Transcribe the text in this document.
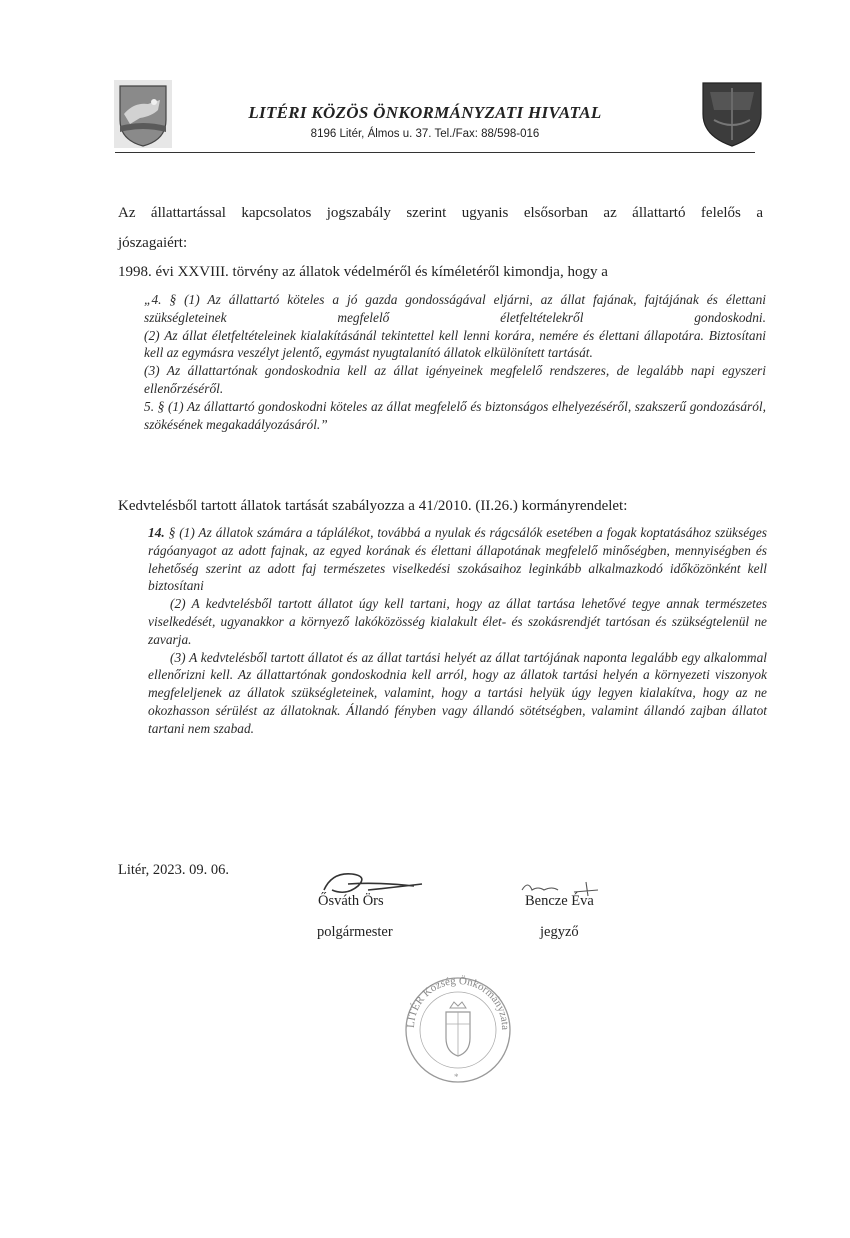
LITÉRI KÖZÖS ÖNKORMÁNYZATI HIVATAL
8196 Litér, Álmos u. 37. Tel./Fax: 88/598-016
Az állattartással kapcsolatos jogszabály szerint ugyanis elsősorban az állattartó felelős a
jószagaiért:
1998. évi XXVIII. törvény az állatok védelméről és kíméletéről kimondja, hogy a
„4. § (1) Az állattartó köteles a jó gazda gondosságával eljárni, az állat fajának, fajtájának és élettani szükségleteinek megfelelő életfeltételekről gondoskodni.
(2) Az állat életfeltételeinek kialakításánál tekintettel kell lenni korára, nemére és élettani állapotára. Biztosítani kell az egymásra veszélyt jelentő, egymást nyugtalanító állatok elkülönített tartását.
(3) Az állattartónak gondoskodnia kell az állat igényeinek megfelelő rendszeres, de legalább napi egyszeri ellenőrzéséről.
5. § (1) Az állattartó gondoskodni köteles az állat megfelelő és biztonságos elhelyezéséről, szakszerű gondozásáról, szökésének megakadályozásáról.”
Kedvtelésből tartott állatok tartását szabályozza a 41/2010. (II.26.) kormányrendelet:
14. § (1) Az állatok számára a táplálékot, továbbá a nyulak és rágcsálók esetében a fogak koptatásához szükséges rágóanyagot az adott fajnak, az egyed korának és élettani állapotának megfelelő minőségben, mennyiségben és lehetőség szerint az adott faj természetes viselkedési szokásaihoz leginkább alkalmazkodó időközönként kell biztosítani
(2) A kedvtelésből tartott állatot úgy kell tartani, hogy az állat tartása lehetővé tegye annak természetes viselkedését, ugyanakkor a környező lakóközösség kialakult élet- és szokásrendjét tartósan és szükségtelenül ne zavarja.
(3) A kedvtelésből tartott állatot és az állat tartási helyét az állat tartójának naponta legalább egy alkalommal ellenőrizni kell. Az állattartónak gondoskodnia kell arról, hogy az állatok tartási helyén a környezeti viszonyok megfeleljenek az állatok szükségleteinek, valamint, hogy a tartási helyük úgy legyen kialakítva, hogy az ne okozhasson sérülést az állatoknak. Állandó fényben vagy állandó sötétségben, valamint állandó zajban állatot tartani nem szabad.
Litér, 2023. 09. 06.
Ősváth Örs
polgármester
Bencze Éva
jegyző
LITÉR Község Önkormányzata
*
